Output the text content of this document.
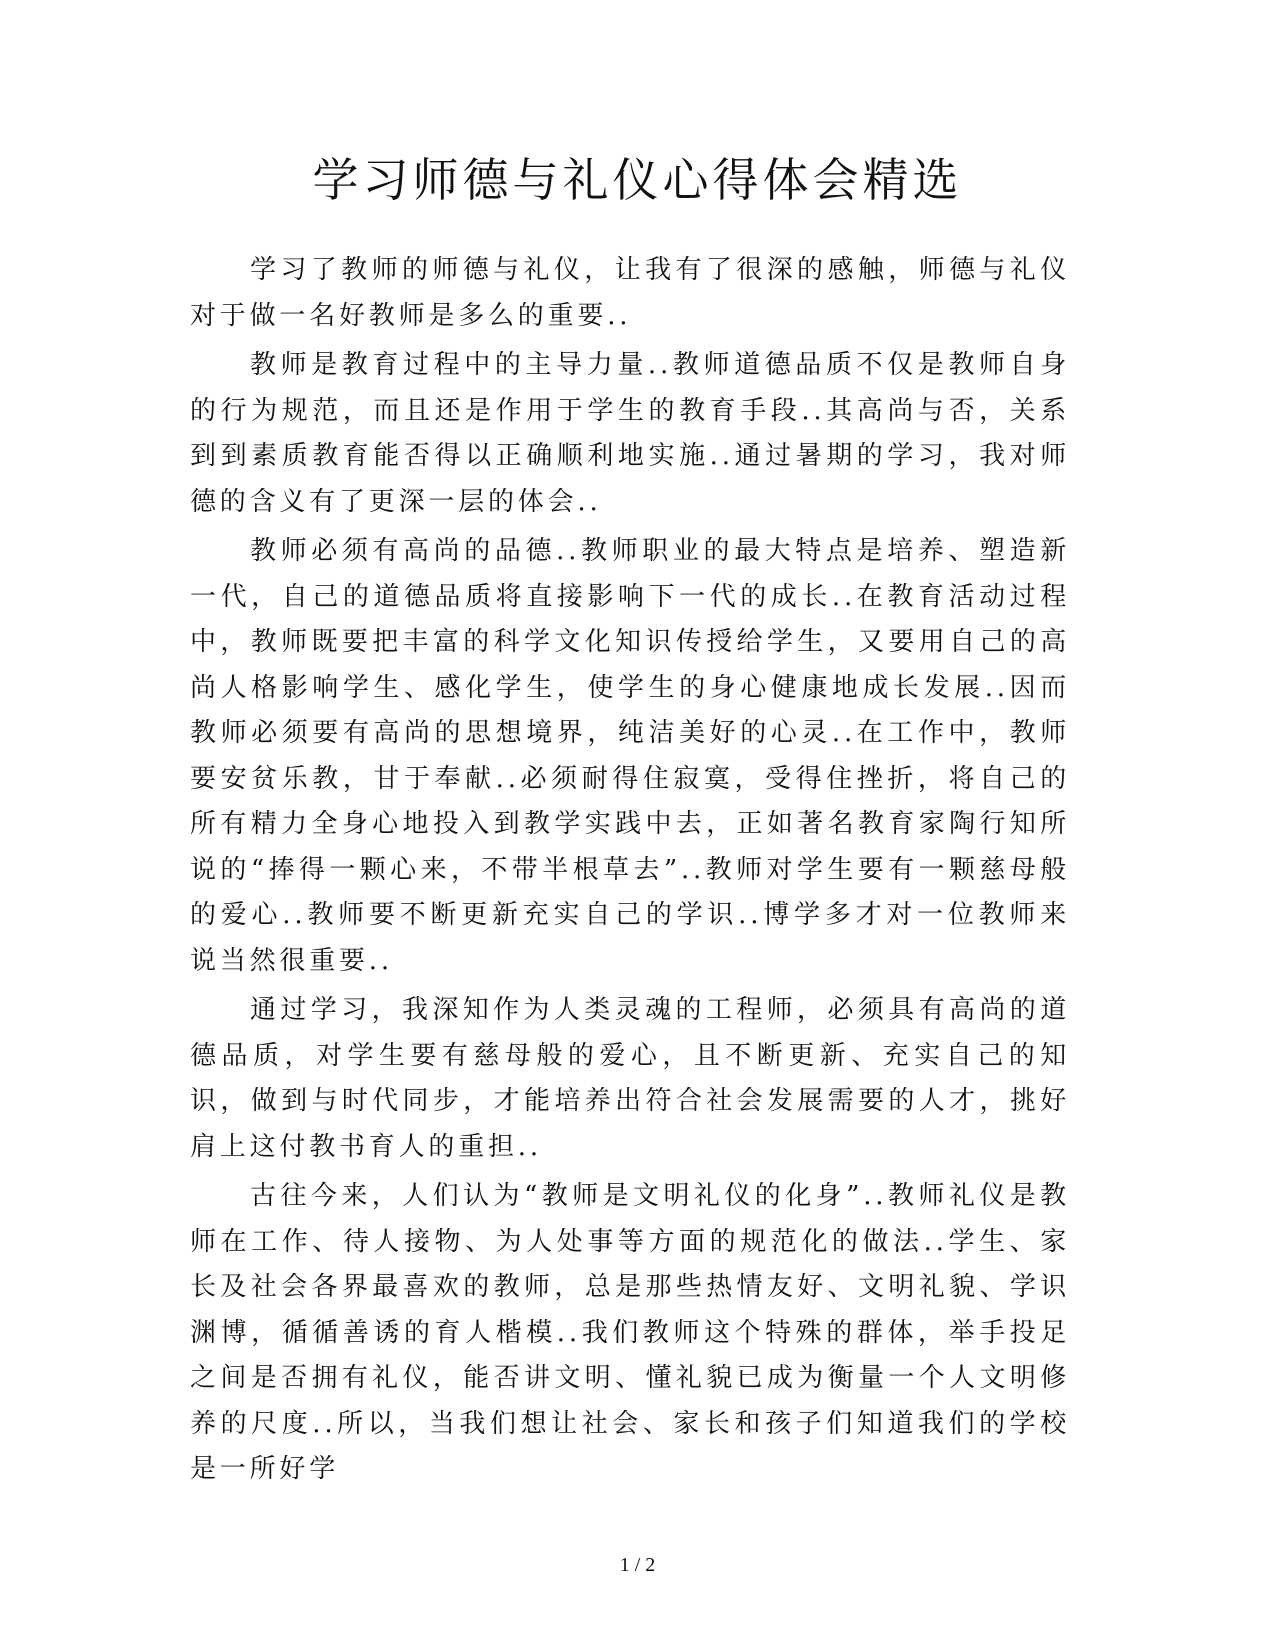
学习师德与礼仪心得体会精选

学习了教师的师德与礼仪，让我有了很深的感触，师德与礼仪对于做一名好教师是多么的重要..

教师是教育过程中的主导力量..教师道德品质不仅是教师自身的行为规范，而且还是作用于学生的教育手段..其高尚与否，关系到到素质教育能否得以正确顺利地实施..通过暑期的学习，我对师德的含义有了更深一层的体会..

教师必须有高尚的品德..教师职业的最大特点是培养、塑造新一代，自己的道德品质将直接影响下一代的成长..在教育活动过程中，教师既要把丰富的科学文化知识传授给学生，又要用自己的高尚人格影响学生、感化学生，使学生的身心健康地成长发展..因而教师必须要有高尚的思想境界，纯洁美好的心灵..在工作中，教师要安贫乐教，甘于奉献..必须耐得住寂寞，受得住挫折，将自己的所有精力全身心地投入到教学实践中去，正如著名教育家陶行知所说的“捧得一颗心来，不带半根草去”..教师对学生要有一颗慈母般的爱心..教师要不断更新充实自己的学识..博学多才对一位教师来说当然很重要..

通过学习，我深知作为人类灵魂的工程师，必须具有高尚的道德品质，对学生要有慈母般的爱心，且不断更新、充实自己的知识，做到与时代同步，才能培养出符合社会发展需要的人才，挑好肩上这付教书育人的重担..

古往今来，人们认为“教师是文明礼仪的化身”..教师礼仪是教师在工作、待人接物、为人处事等方面的规范化的做法..学生、家长及社会各界最喜欢的教师，总是那些热情友好、文明礼貌、学识渊博，循循善诱的育人楷模..我们教师这个特殊的群体，举手投足之间是否拥有礼仪，能否讲文明、懂礼貌已成为衡量一个人文明修养的尺度..所以，当我们想让社会、家长和孩子们知道我们的学校是一所好学

1 / 2
